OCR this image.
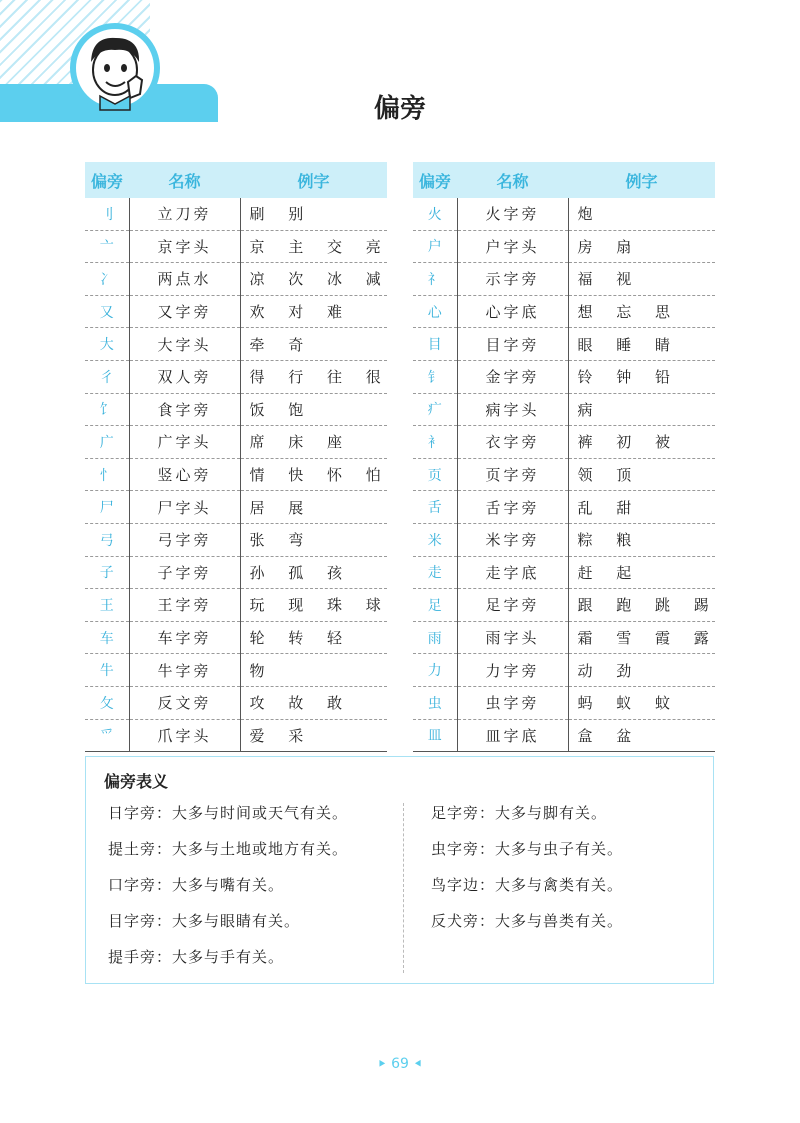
偏旁
偏旁	名称	例字
刂	立刀旁	刷 别
亠	京字头	京 主 交 亮
冫	两点水	凉 次 冰 减
又	又字旁	欢 对 难
大	大字头	牵 奇
彳	双人旁	得 行 往 很
饣	食字旁	饭 饱
广	广字头	席 床 座
忄	竖心旁	情 快 怀 怕
尸	尸字头	居 展
弓	弓字旁	张 弯
子	子字旁	孙 孤 孩
王	王字旁	玩 现 珠 球
车	车字旁	轮 转 轻
牛	牛字旁	物
攵	反文旁	攻 故 敢
爫	爪字头	爱 采
偏旁	名称	例字
火	火字旁	炮
户	户字头	房 扇
礻	示字旁	福 视
心	心字底	想 忘 思
目	目字旁	眼 睡 睛
钅	金字旁	铃 钟 铅
疒	病字头	病
衤	衣字旁	裤 初 被
页	页字旁	领 顶
舌	舌字旁	乱 甜
米	米字旁	粽 粮
走	走字底	赶 起
足	足字旁	跟 跑 跳 踢
雨	雨字头	霜 雪 霞 露
力	力字旁	动 劲
虫	虫字旁	蚂 蚁 蚊
皿	皿字底	盒 盆
偏旁表义
日字旁：大多与时间或天气有关。
提土旁：大多与土地或地方有关。
口字旁：大多与嘴有关。
目字旁：大多与眼睛有关。
提手旁：大多与手有关。
足字旁：大多与脚有关。
虫字旁：大多与虫子有关。
鸟字边：大多与禽类有关。
反犬旁：大多与兽类有关。
⯈ 69 ⯇
